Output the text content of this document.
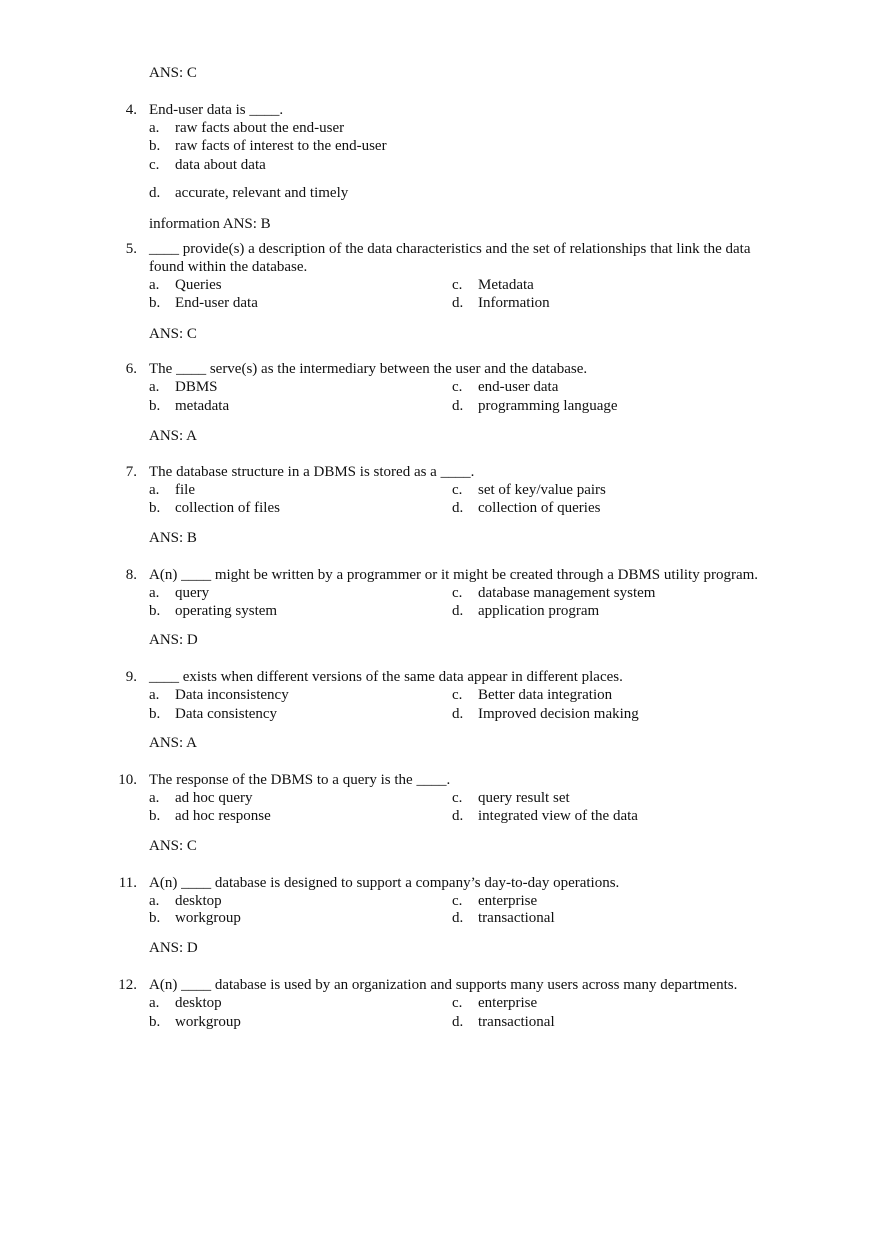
ANS: C
4. End-user data is ____.
a. raw facts about the end-user
b. raw facts of interest to the end-user
c. data about data
d. accurate, relevant and timely
information ANS: B
5. ____ provide(s) a description of the data characteristics and the set of relationships that link the data
found within the database.
a. Queries
b. End-user data
c. Metadata
d. Information
ANS: C
6. The ____ serve(s) as the intermediary between the user and the database.
a. DBMS
b. metadata
c. end-user data
d. programming language
ANS: A
7. The database structure in a DBMS is stored as a ____.
a. file
b. collection of files
c. set of key/value pairs
d. collection of queries
ANS: B
8. A(n) ____ might be written by a programmer or it might be created through a DBMS utility program.
a. query
b. operating system
c. database management system
d. application program
ANS: D
9. ____ exists when different versions of the same data appear in different places.
a. Data inconsistency
b. Data consistency
c. Better data integration
d. Improved decision making
ANS: A
10. The response of the DBMS to a query is the ____.
a. ad hoc query
b. ad hoc response
c. query result set
d. integrated view of the data
ANS: C
11. A(n) ____ database is designed to support a company’s day-to-day operations.
a. desktop
b. workgroup
c. enterprise
d. transactional
ANS: D
12. A(n) ____ database is used by an organization and supports many users across many departments.
a. desktop
b. workgroup
c. enterprise
d. transactional
